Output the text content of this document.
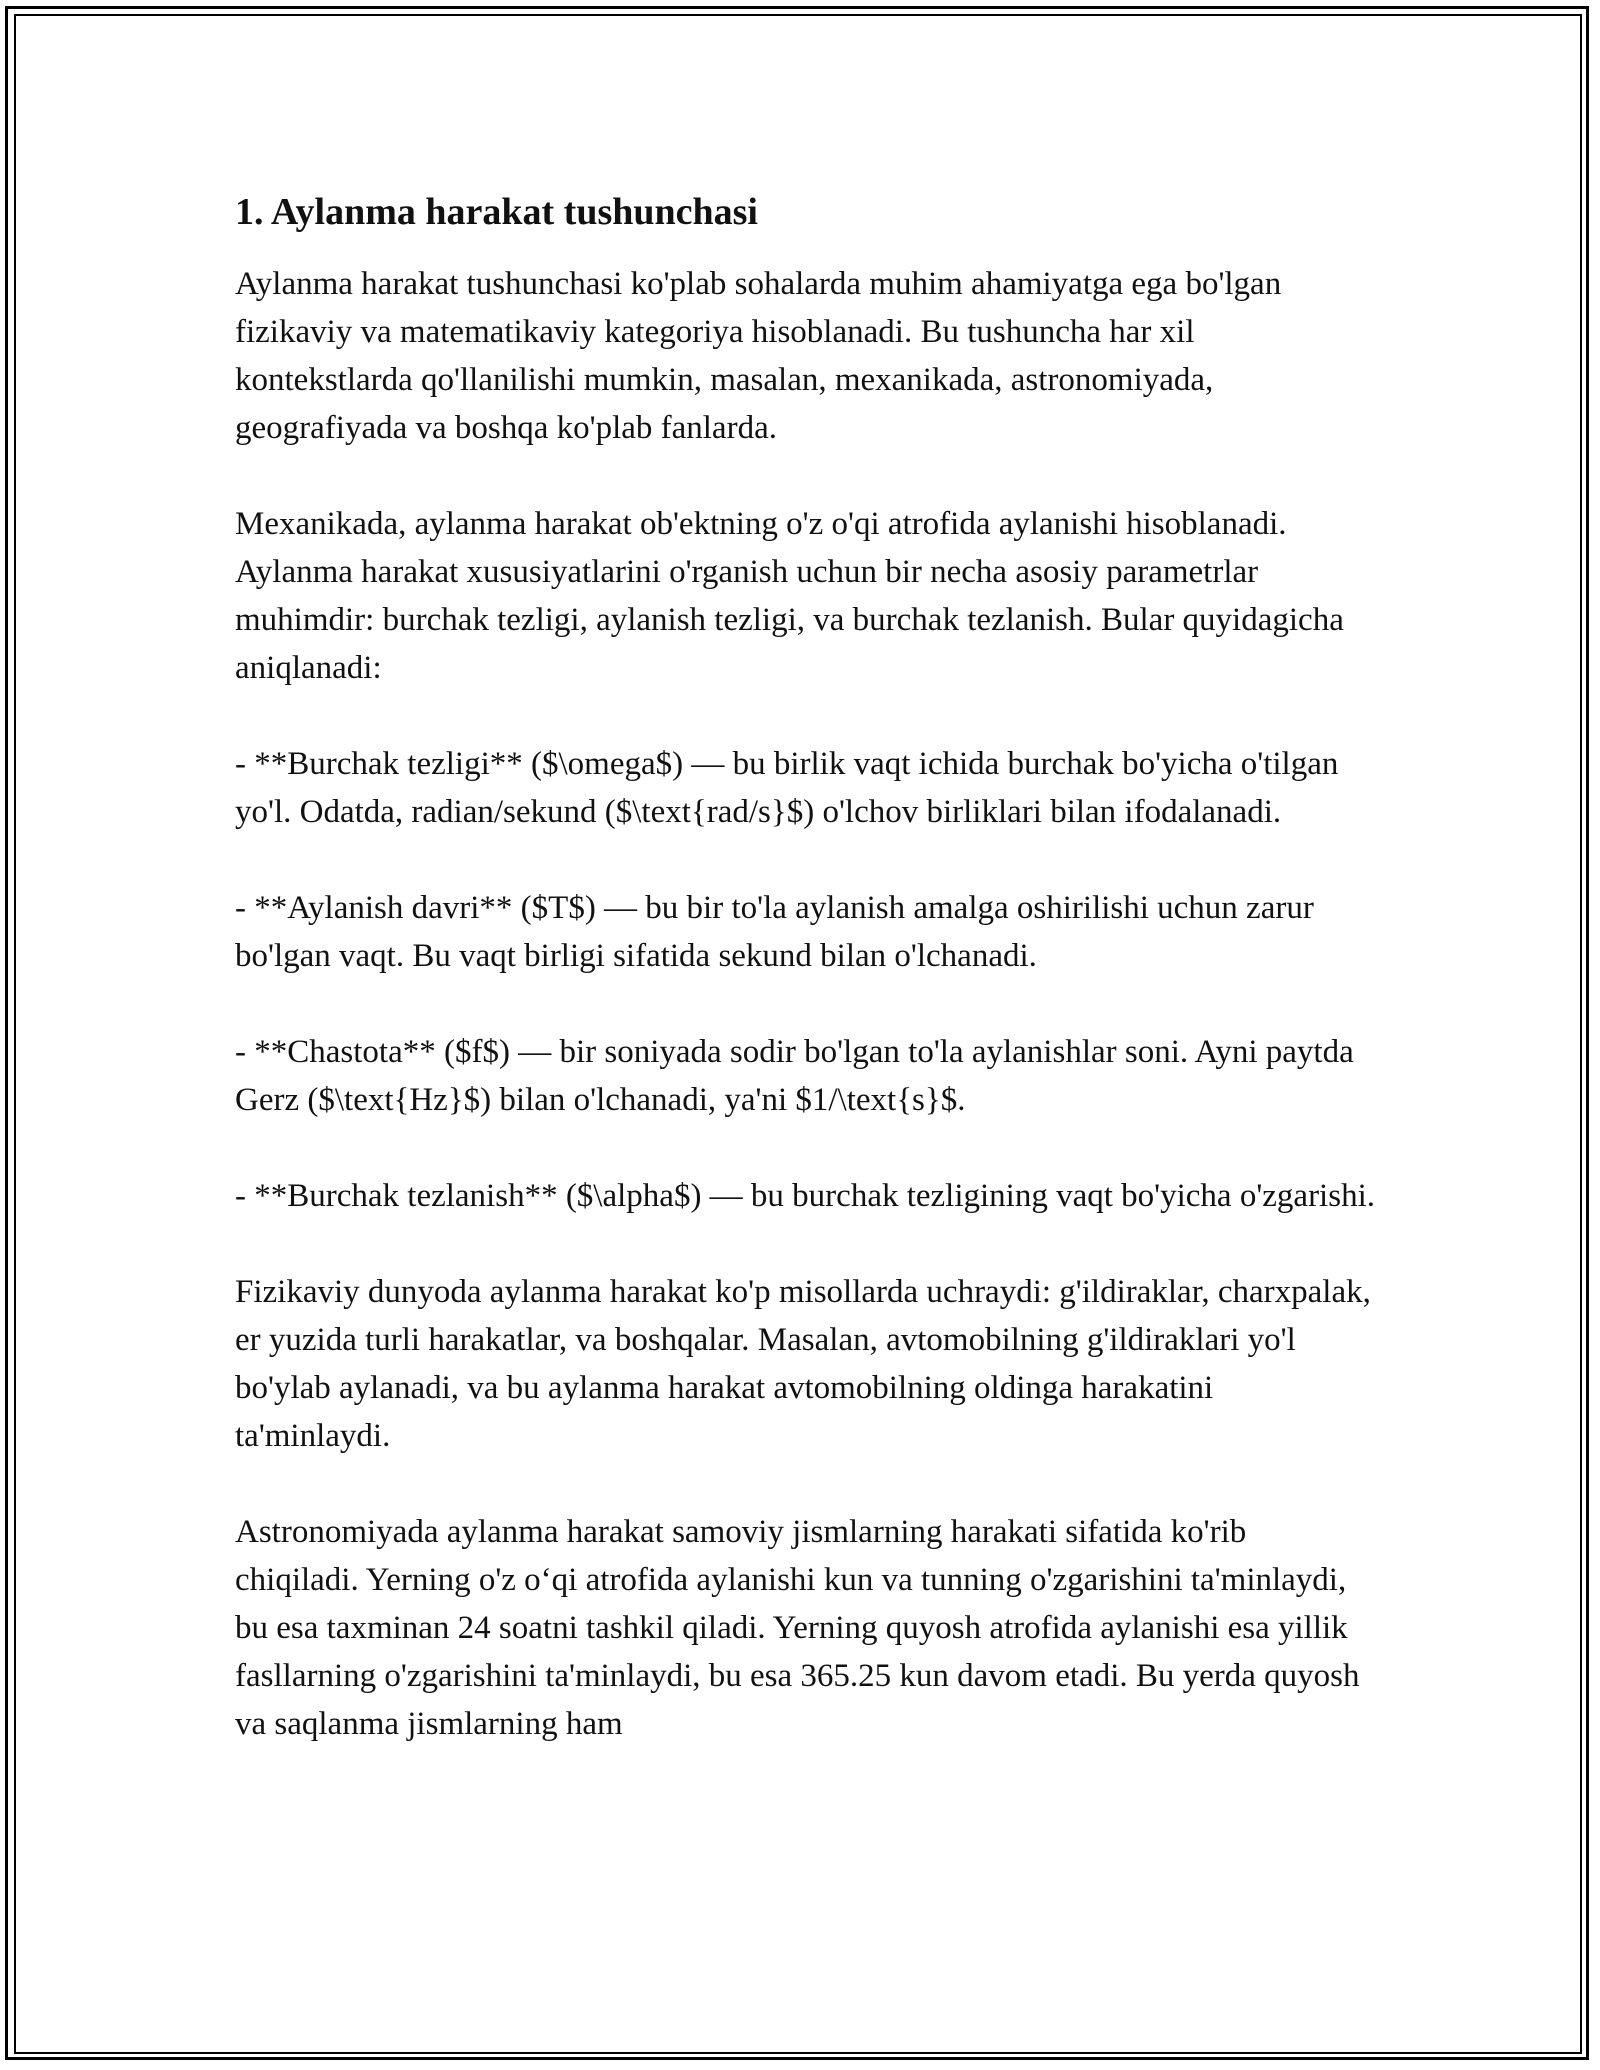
1. Aylanma harakat tushunchasi

Aylanma harakat tushunchasi ko'plab sohalarda muhim ahamiyatga ega bo'lgan fizikaviy va matematikaviy kategoriya hisoblanadi. Bu tushuncha har xil kontekstlarda qo'llanilishi mumkin, masalan, mexanikada, astronomiyada, geografiyada va boshqa ko'plab fanlarda.

Mexanikada, aylanma harakat ob'ektning o'z o'qi atrofida aylanishi hisoblanadi. Aylanma harakat xususiyatlarini o'rganish uchun bir necha asosiy parametrlar muhimdir: burchak tezligi, aylanish tezligi, va burchak tezlanish. Bular quyidagicha aniqlanadi:

- **Burchak tezligi** ($\omega$) — bu birlik vaqt ichida burchak bo'yicha o'tilgan yo'l. Odatda, radian/sekund ($\text{rad/s}$) o'lchov birliklari bilan ifodalanadi.

- **Aylanish davri** ($T$) — bu bir to'la aylanish amalga oshirilishi uchun zarur bo'lgan vaqt. Bu vaqt birligi sifatida sekund bilan o'lchanadi.

- **Chastota** ($f$) — bir soniyada sodir bo'lgan to'la aylanishlar soni. Ayni paytda Gerz ($\text{Hz}$) bilan o'lchanadi, ya'ni $1/\text{s}$.

- **Burchak tezlanish** ($\alpha$) — bu burchak tezligining vaqt bo'yicha o'zgarishi.

Fizikaviy dunyoda aylanma harakat ko'p misollarda uchraydi: g'ildiraklar, charxpalak, er yuzida turli harakatlar, va boshqalar. Masalan, avtomobilning g'ildiraklari yo'l bo'ylab aylanadi, va bu aylanma harakat avtomobilning oldinga harakatini ta'minlaydi.

Astronomiyada aylanma harakat samoviy jismlarning harakati sifatida ko'rib chiqiladi. Yerning o'z o‘qi atrofida aylanishi kun va tunning o'zgarishini ta'minlaydi, bu esa taxminan 24 soatni tashkil qiladi. Yerning quyosh atrofida aylanishi esa yillik fasllarning o'zgarishini ta'minlaydi, bu esa 365.25 kun davom etadi. Bu yerda quyosh va saqlanma jismlarning ham
